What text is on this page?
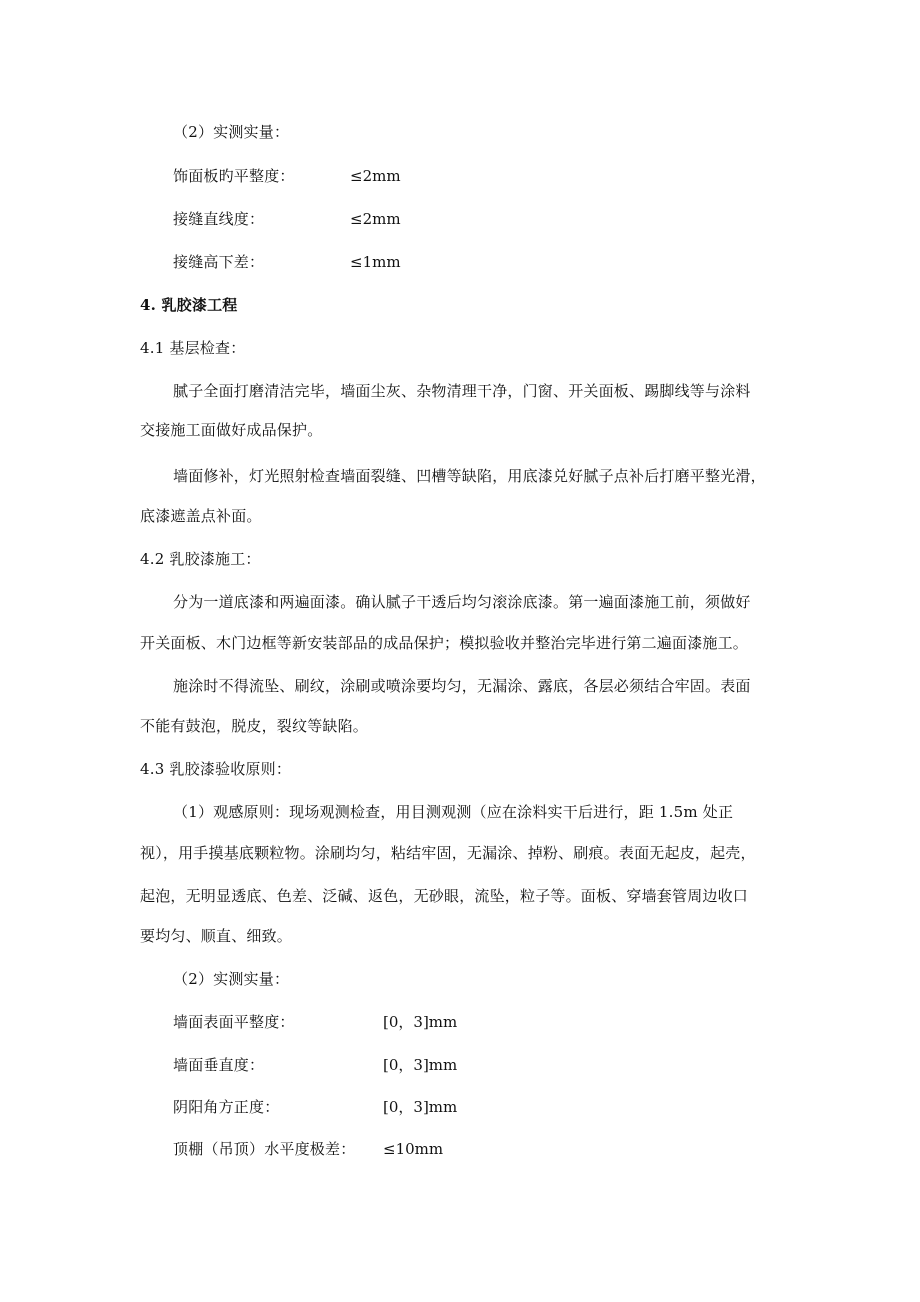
（2）实测实量：
饰面板旳平整度：	≤2mm
接缝直线度：	≤2mm
接缝高下差：	≤1mm
4. 乳胶漆工程
4.1 基层检查：
腻子全面打磨清洁完毕，墙面尘灰、杂物清理干净，门窗、开关面板、踢脚线等与涂料
交接施工面做好成品保护。
墙面修补，灯光照射检查墙面裂缝、凹槽等缺陷，用底漆兑好腻子点补后打磨平整光滑，
底漆遮盖点补面。
4.2 乳胶漆施工：
分为一道底漆和两遍面漆。确认腻子干透后均匀滚涂底漆。第一遍面漆施工前，须做好
开关面板、木门边框等新安装部品的成品保护；模拟验收并整治完毕进行第二遍面漆施工。
施涂时不得流坠、刷纹，涂刷或喷涂要均匀，无漏涂、露底，各层必须结合牢固。表面
不能有鼓泡，脱皮，裂纹等缺陷。
4.3 乳胶漆验收原则：
（1）观感原则：现场观测检查，用目测观测（应在涂料实干后进行，距 1.5m 处正
视），用手摸基底颗粒物。涂刷均匀，粘结牢固，无漏涂、掉粉、刷痕。表面无起皮，起壳，
起泡，无明显透底、色差、泛碱、返色，无砂眼，流坠，粒子等。面板、穿墙套管周边收口
要均匀、顺直、细致。
（2）实测实量：
墙面表面平整度：	[0，3]mm
墙面垂直度：	[0，3]mm
阴阳角方正度：	[0，3]mm
顶棚（吊顶）水平度极差： ≤10mm
